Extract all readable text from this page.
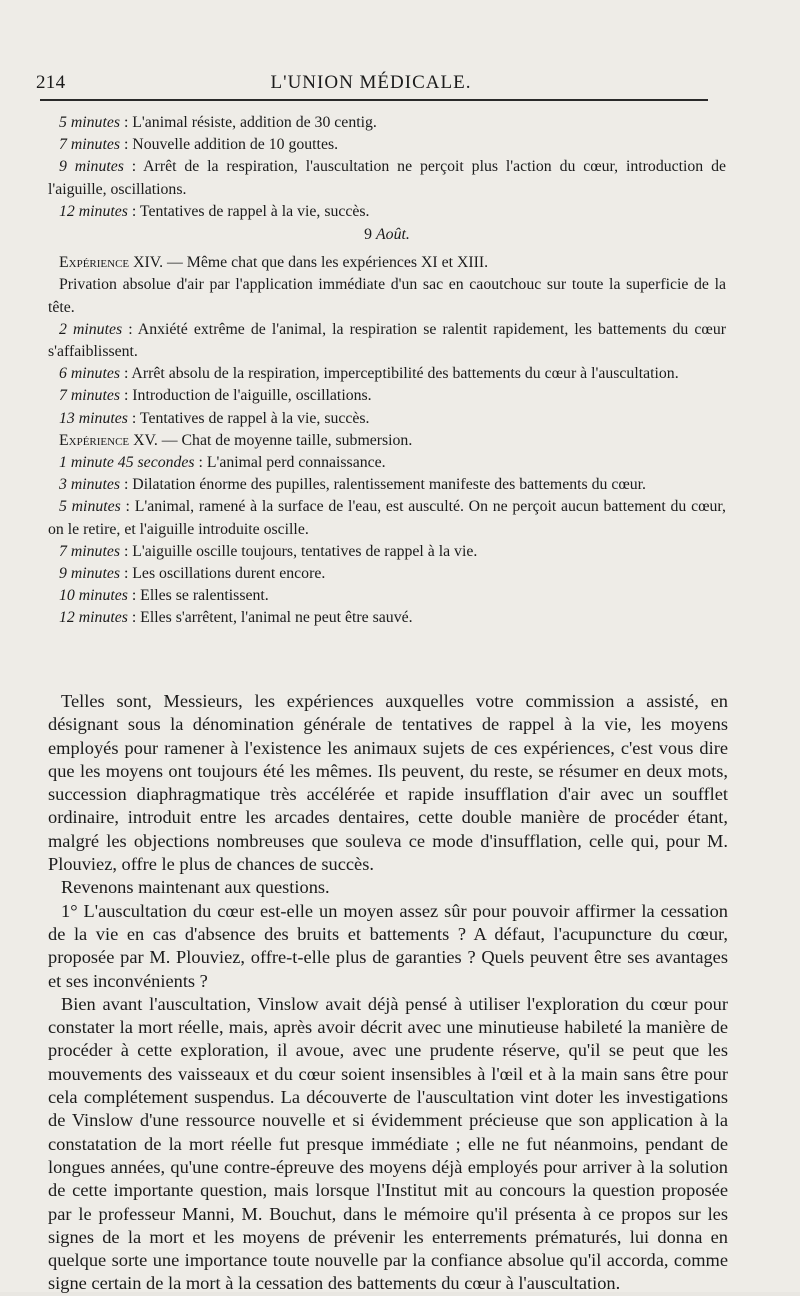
214	L'UNION MÉDICALE.

5 minutes : L'animal résiste, addition de 30 centig.

7 minutes : Nouvelle addition de 10 gouttes.

9 minutes : Arrêt de la respiration, l'auscultation ne perçoit plus l'action du cœur, introduction de l'aiguille, oscillations.

12 minutes : Tentatives de rappel à la vie, succès.

9 Août.

Expérience XIV. — Même chat que dans les expériences XI et XIII.

Privation absolue d'air par l'application immédiate d'un sac en caoutchouc sur toute la superficie de la tête.

2 minutes : Anxiété extrême de l'animal, la respiration se ralentit rapidement, les battements du cœur s'affaiblissent.

6 minutes : Arrêt absolu de la respiration, imperceptibilité des battements du cœur à l'auscultation.

7 minutes : Introduction de l'aiguille, oscillations.

13 minutes : Tentatives de rappel à la vie, succès.

Expérience XV. — Chat de moyenne taille, submersion.

1 minute 45 secondes : L'animal perd connaissance.

3 minutes : Dilatation énorme des pupilles, ralentissement manifeste des battements du cœur.

5 minutes : L'animal, ramené à la surface de l'eau, est ausculté. On ne perçoit aucun battement du cœur, on le retire, et l'aiguille introduite oscille.

7 minutes : L'aiguille oscille toujours, tentatives de rappel à la vie.

9 minutes : Les oscillations durent encore.

10 minutes : Elles se ralentissent.

12 minutes : Elles s'arrêtent, l'animal ne peut être sauvé.

Telles sont, Messieurs, les expériences auxquelles votre commission a assisté, en désignant sous la dénomination générale de tentatives de rappel à la vie, les moyens employés pour ramener à l'existence les animaux sujets de ces expériences, c'est vous dire que les moyens ont toujours été les mêmes. Ils peuvent, du reste, se résumer en deux mots, succession diaphragmatique très accélérée et rapide insufflation d'air avec un soufflet ordinaire, introduit entre les arcades dentaires, cette double manière de procéder étant, malgré les objections nombreuses que souleva ce mode d'insufflation, celle qui, pour M. Plouviez, offre le plus de chances de succès.

Revenons maintenant aux questions.

1° L'auscultation du cœur est-elle un moyen assez sûr pour pouvoir affirmer la cessation de la vie en cas d'absence des bruits et battements ? A défaut, l'acupuncture du cœur, proposée par M. Plouviez, offre-t-elle plus de garanties ? Quels peuvent être ses avantages et ses inconvénients ?

Bien avant l'auscultation, Vinslow avait déjà pensé à utiliser l'exploration du cœur pour constater la mort réelle, mais, après avoir décrit avec une minutieuse habileté la manière de procéder à cette exploration, il avoue, avec une prudente réserve, qu'il se peut que les mouvements des vaisseaux et du cœur soient insensibles à l'œil et à la main sans être pour cela complétement suspendus. La découverte de l'auscultation vint doter les investigations de Vinslow d'une ressource nouvelle et si évidemment précieuse que son application à la constatation de la mort réelle fut presque immédiate ; elle ne fut néanmoins, pendant de longues années, qu'une contre-épreuve des moyens déjà employés pour arriver à la solution de cette importante question, mais lorsque l'Institut mit au concours la question proposée par le professeur Manni, M. Bouchut, dans le mémoire qu'il présenta à ce propos sur les signes de la mort et les moyens de prévenir les enterrements prématurés, lui donna en quelque sorte une importance toute nouvelle par la confiance absolue qu'il accorda, comme signe certain de la mort à la cessation des battements du cœur à l'auscultation.
